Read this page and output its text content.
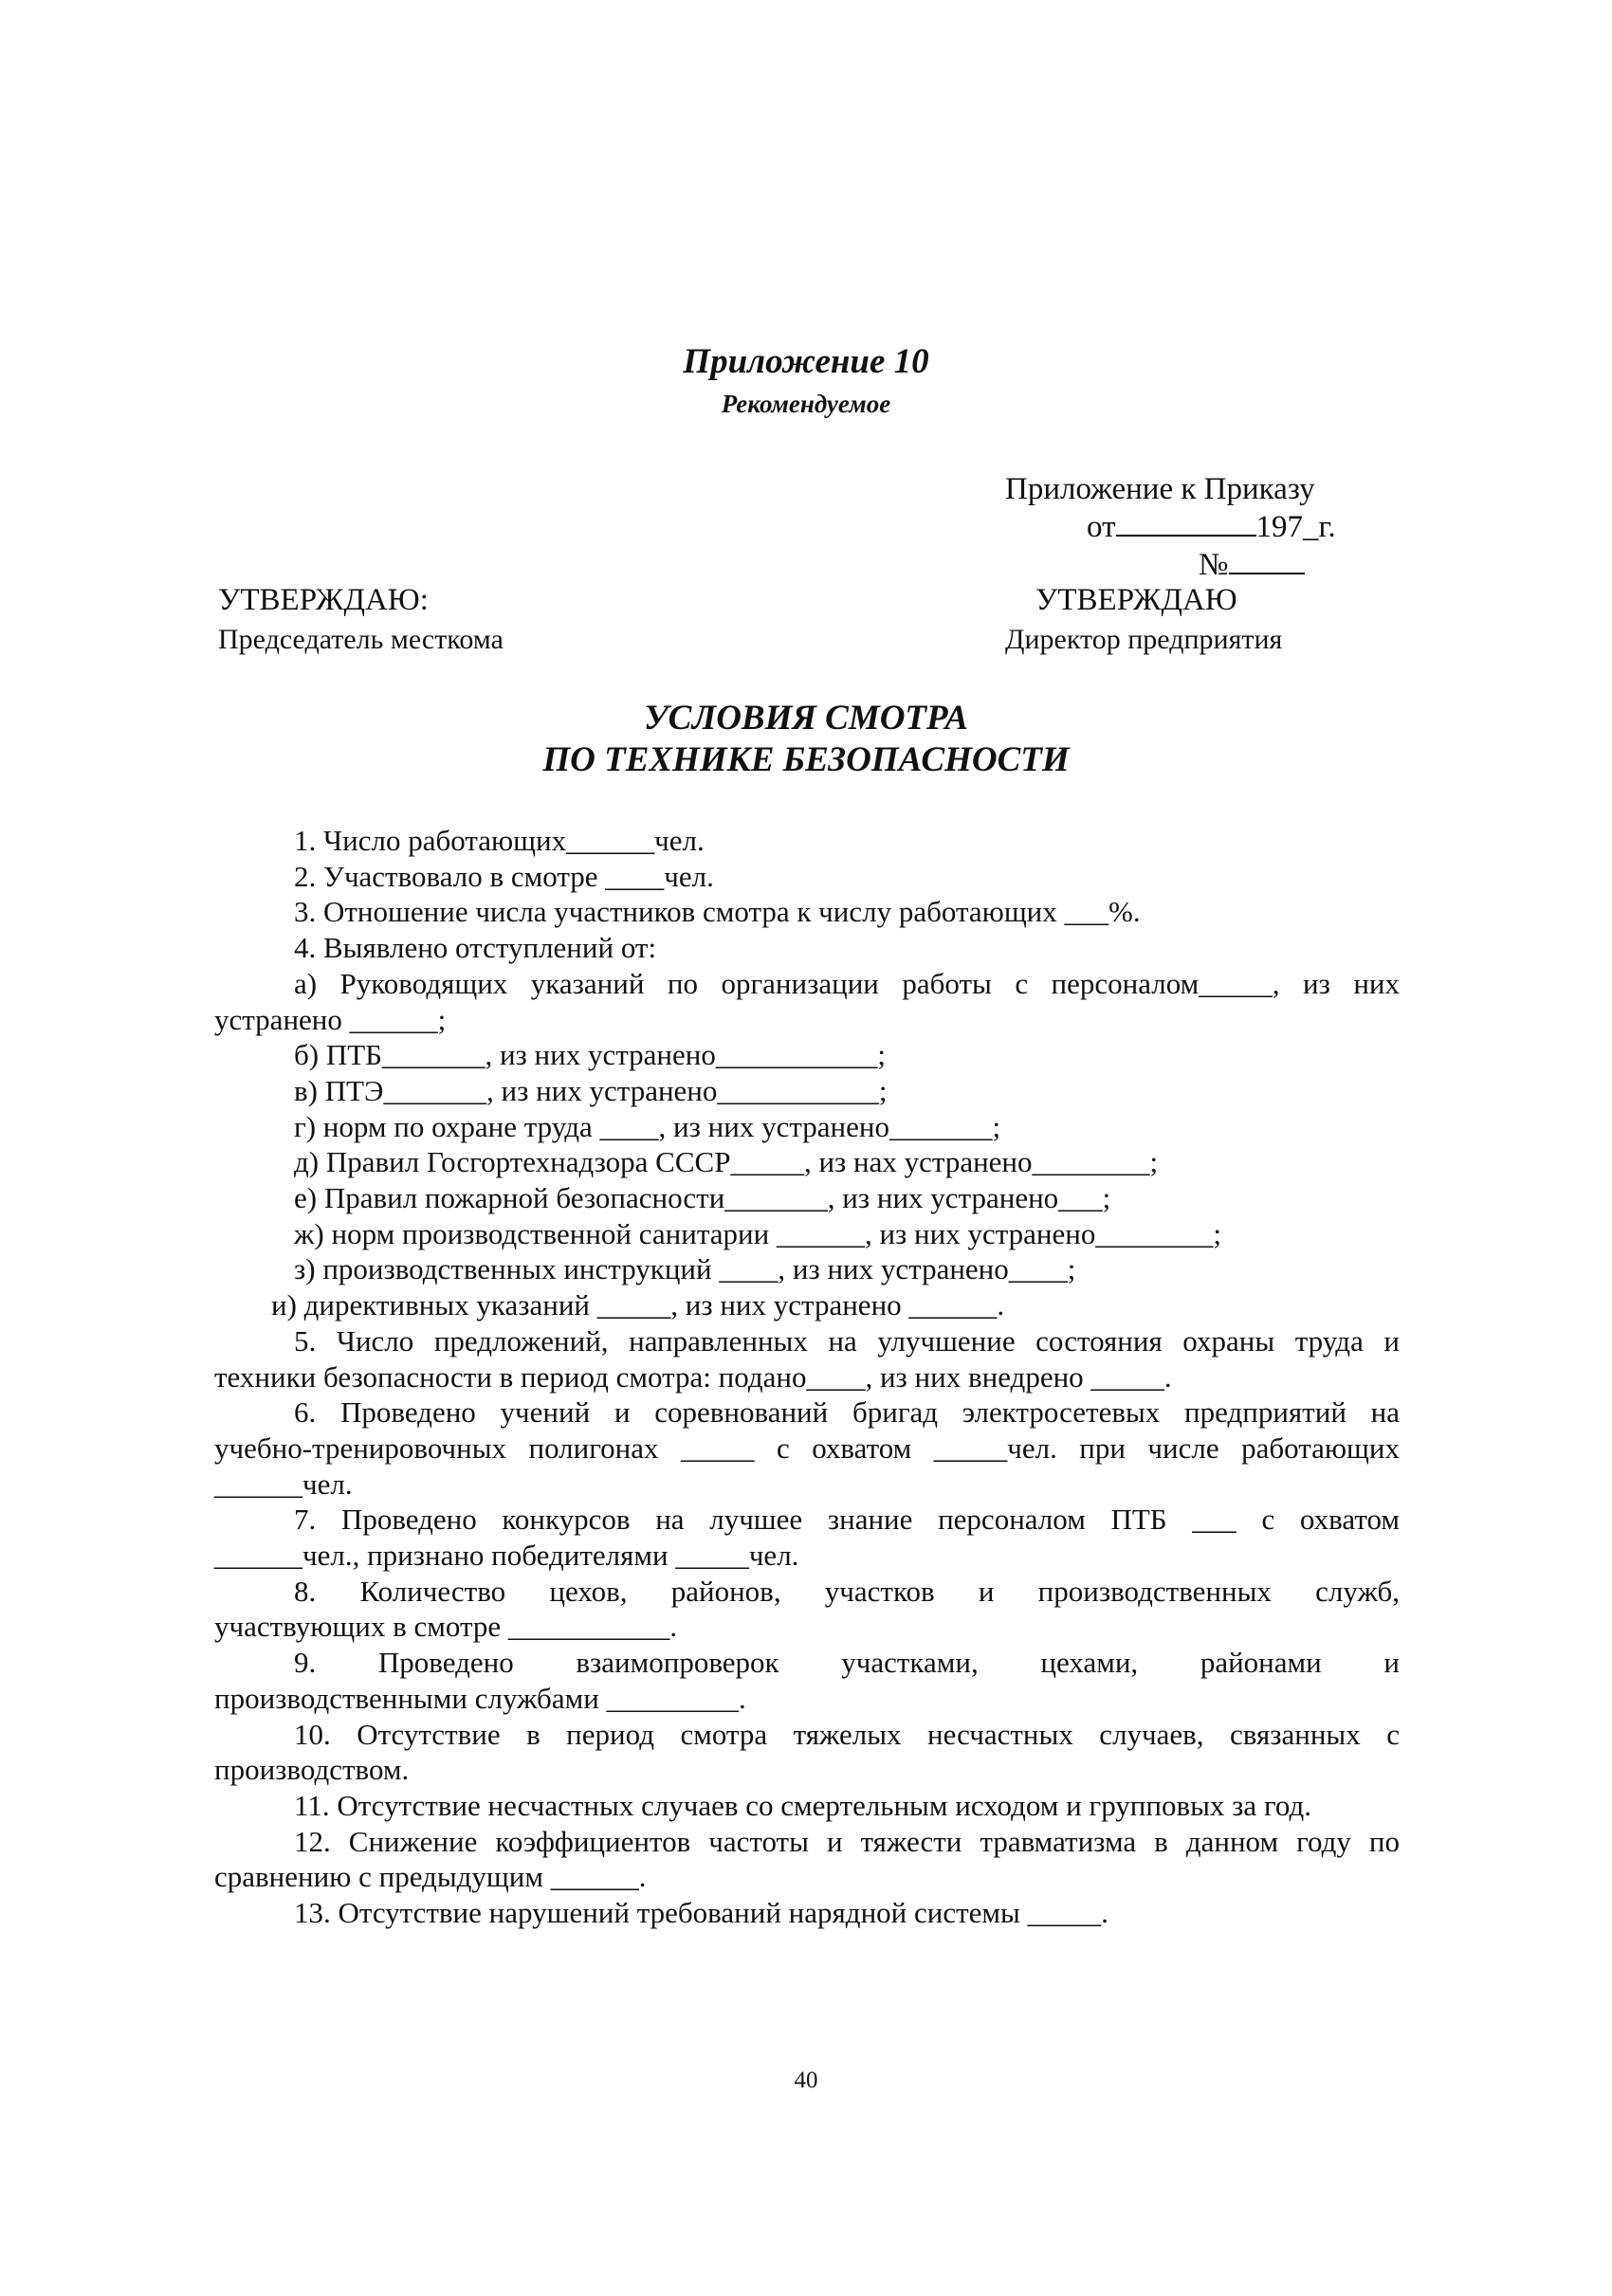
Приложение 10
Рекомендуемое
Приложение к Приказу
от	197_г.
№
УТВЕРЖДАЮ:
Председатель месткома
УТВЕРЖДАЮ
Директор предприятия
УСЛОВИЯ СМОТРА
ПО ТЕХНИКЕ БЕЗОПАСНОСТИ
1. Число работающих______чел.
2. Участвовало в смотре ____чел.
3. Отношение числа участников смотра к числу работающих ___%.
4. Выявлено отступлений от:
а) Руководящих указаний по организации работы с персоналом_____, из них
устранено ______;
б) ПТБ_______, из них устранено___________;
в) ПТЭ_______, из них устранено___________;
г) норм по охране труда ____, из них устранено_______;
д) Правил Госгортехнадзора СССР_____, из нах устранено________;
е) Правил пожарной безопасности_______, из них устранено___;
ж) норм производственной санитарии ______, из них устранено________;
з) производственных инструкций ____, из них устранено____;
и) директивных указаний _____, из них устранено ______.
5. Число предложений, направленных на улучшение состояния охраны труда и
техники безопасности в период смотра: подано____, из них внедрено _____.
6. Проведено учений и соревнований бригад электросетевых предприятий на
учебно-тренировочных полигонах _____ с охватом _____чел. при числе работающих
______чел.
7. Проведено конкурсов на лучшее знание персоналом ПТБ ___ с охватом
______чел., признано победителями _____чел.
8. Количество цехов, районов, участков и производственных служб,
участвующих в смотре ___________.
9. Проведено взаимопроверок участками, цехами, районами и
производственными службами _________.
10. Отсутствие в период смотра тяжелых несчастных случаев, связанных с
производством.
11. Отсутствие несчастных случаев со смертельным исходом и групповых за год.
12. Снижение коэффициентов частоты и тяжести травматизма в данном году по
сравнению с предыдущим ______.
13. Отсутствие нарушений требований нарядной системы _____.
40
